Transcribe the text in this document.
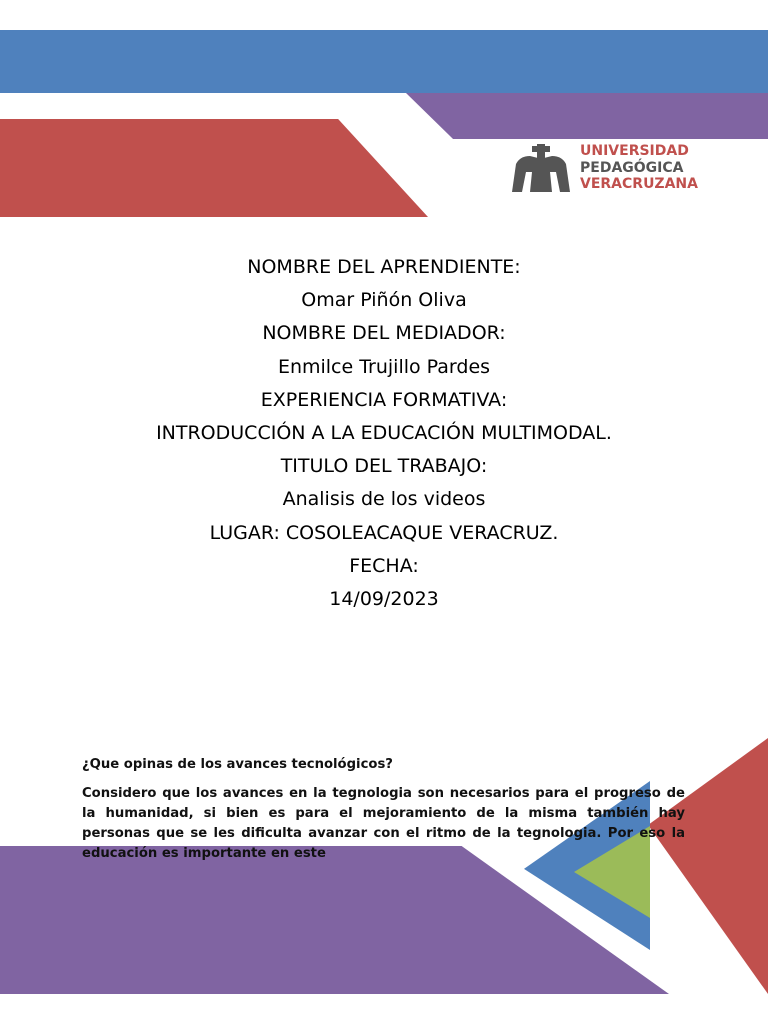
UNIVERSIDAD
PEDAGÓGICA
VERACRUZANA
NOMBRE DEL APRENDIENTE:
Omar Piñón Oliva
NOMBRE DEL MEDIADOR:
Enmilce Trujillo Pardes
EXPERIENCIA FORMATIVA:
INTRODUCCIÓN A LA EDUCACIÓN MULTIMODAL.
TITULO DEL TRABAJO:
Analisis de los videos
LUGAR: COSOLEACAQUE VERACRUZ.
FECHA:
14/09/2023

¿Que opinas de los avances tecnológicos?

Considero que los avances en la tegnologia son necesarios para el progreso de la humanidad, si bien es para el mejoramiento de la misma también hay personas que se les dificulta avanzar con el ritmo de la tegnologia. Por eso la educación es importante en este
